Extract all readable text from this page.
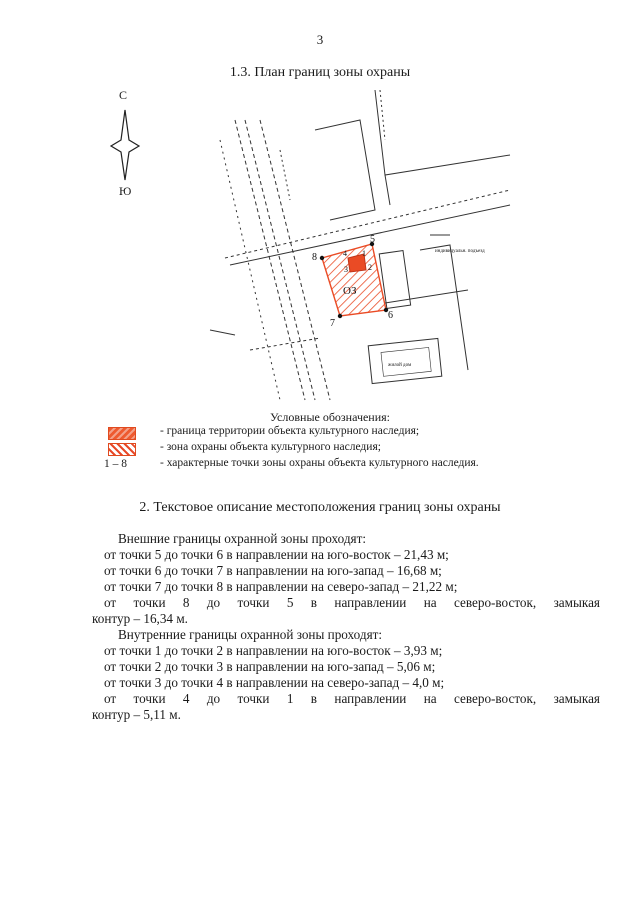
3
1.3. План границ зоны охраны
С
Ю
8
5
6
7
4 1
2
3
ОЗ
индивидуальн. подъезд
жилой дом
Условные обозначения:
1 – 8
- граница территории объекта культурного наследия;
- зона охраны объекта культурного наследия;
- характерные точки зоны охраны объекта культурного наследия.
2. Текстовое описание местоположения границ зоны охраны
Внешние границы охранной зоны проходят:
от точки 5 до точки 6 в направлении на юго-восток – 21,43 м;
от точки 6 до точки 7 в направлении на юго-запад – 16,68 м;
от точки 7 до точки 8 в направлении на северо-запад – 21,22 м;
от точки 8 до точки 5 в направлении на северо-восток, замыкая
контур – 16,34 м.
Внутренние границы охранной зоны проходят:
от точки 1 до точки 2 в направлении на юго-восток – 3,93 м;
от точки 2 до точки 3 в направлении на юго-запад – 5,06 м;
от точки 3 до точки 4 в направлении на северо-запад – 4,0 м;
от точки 4 до точки 1 в направлении на северо-восток, замыкая
контур – 5,11 м.
